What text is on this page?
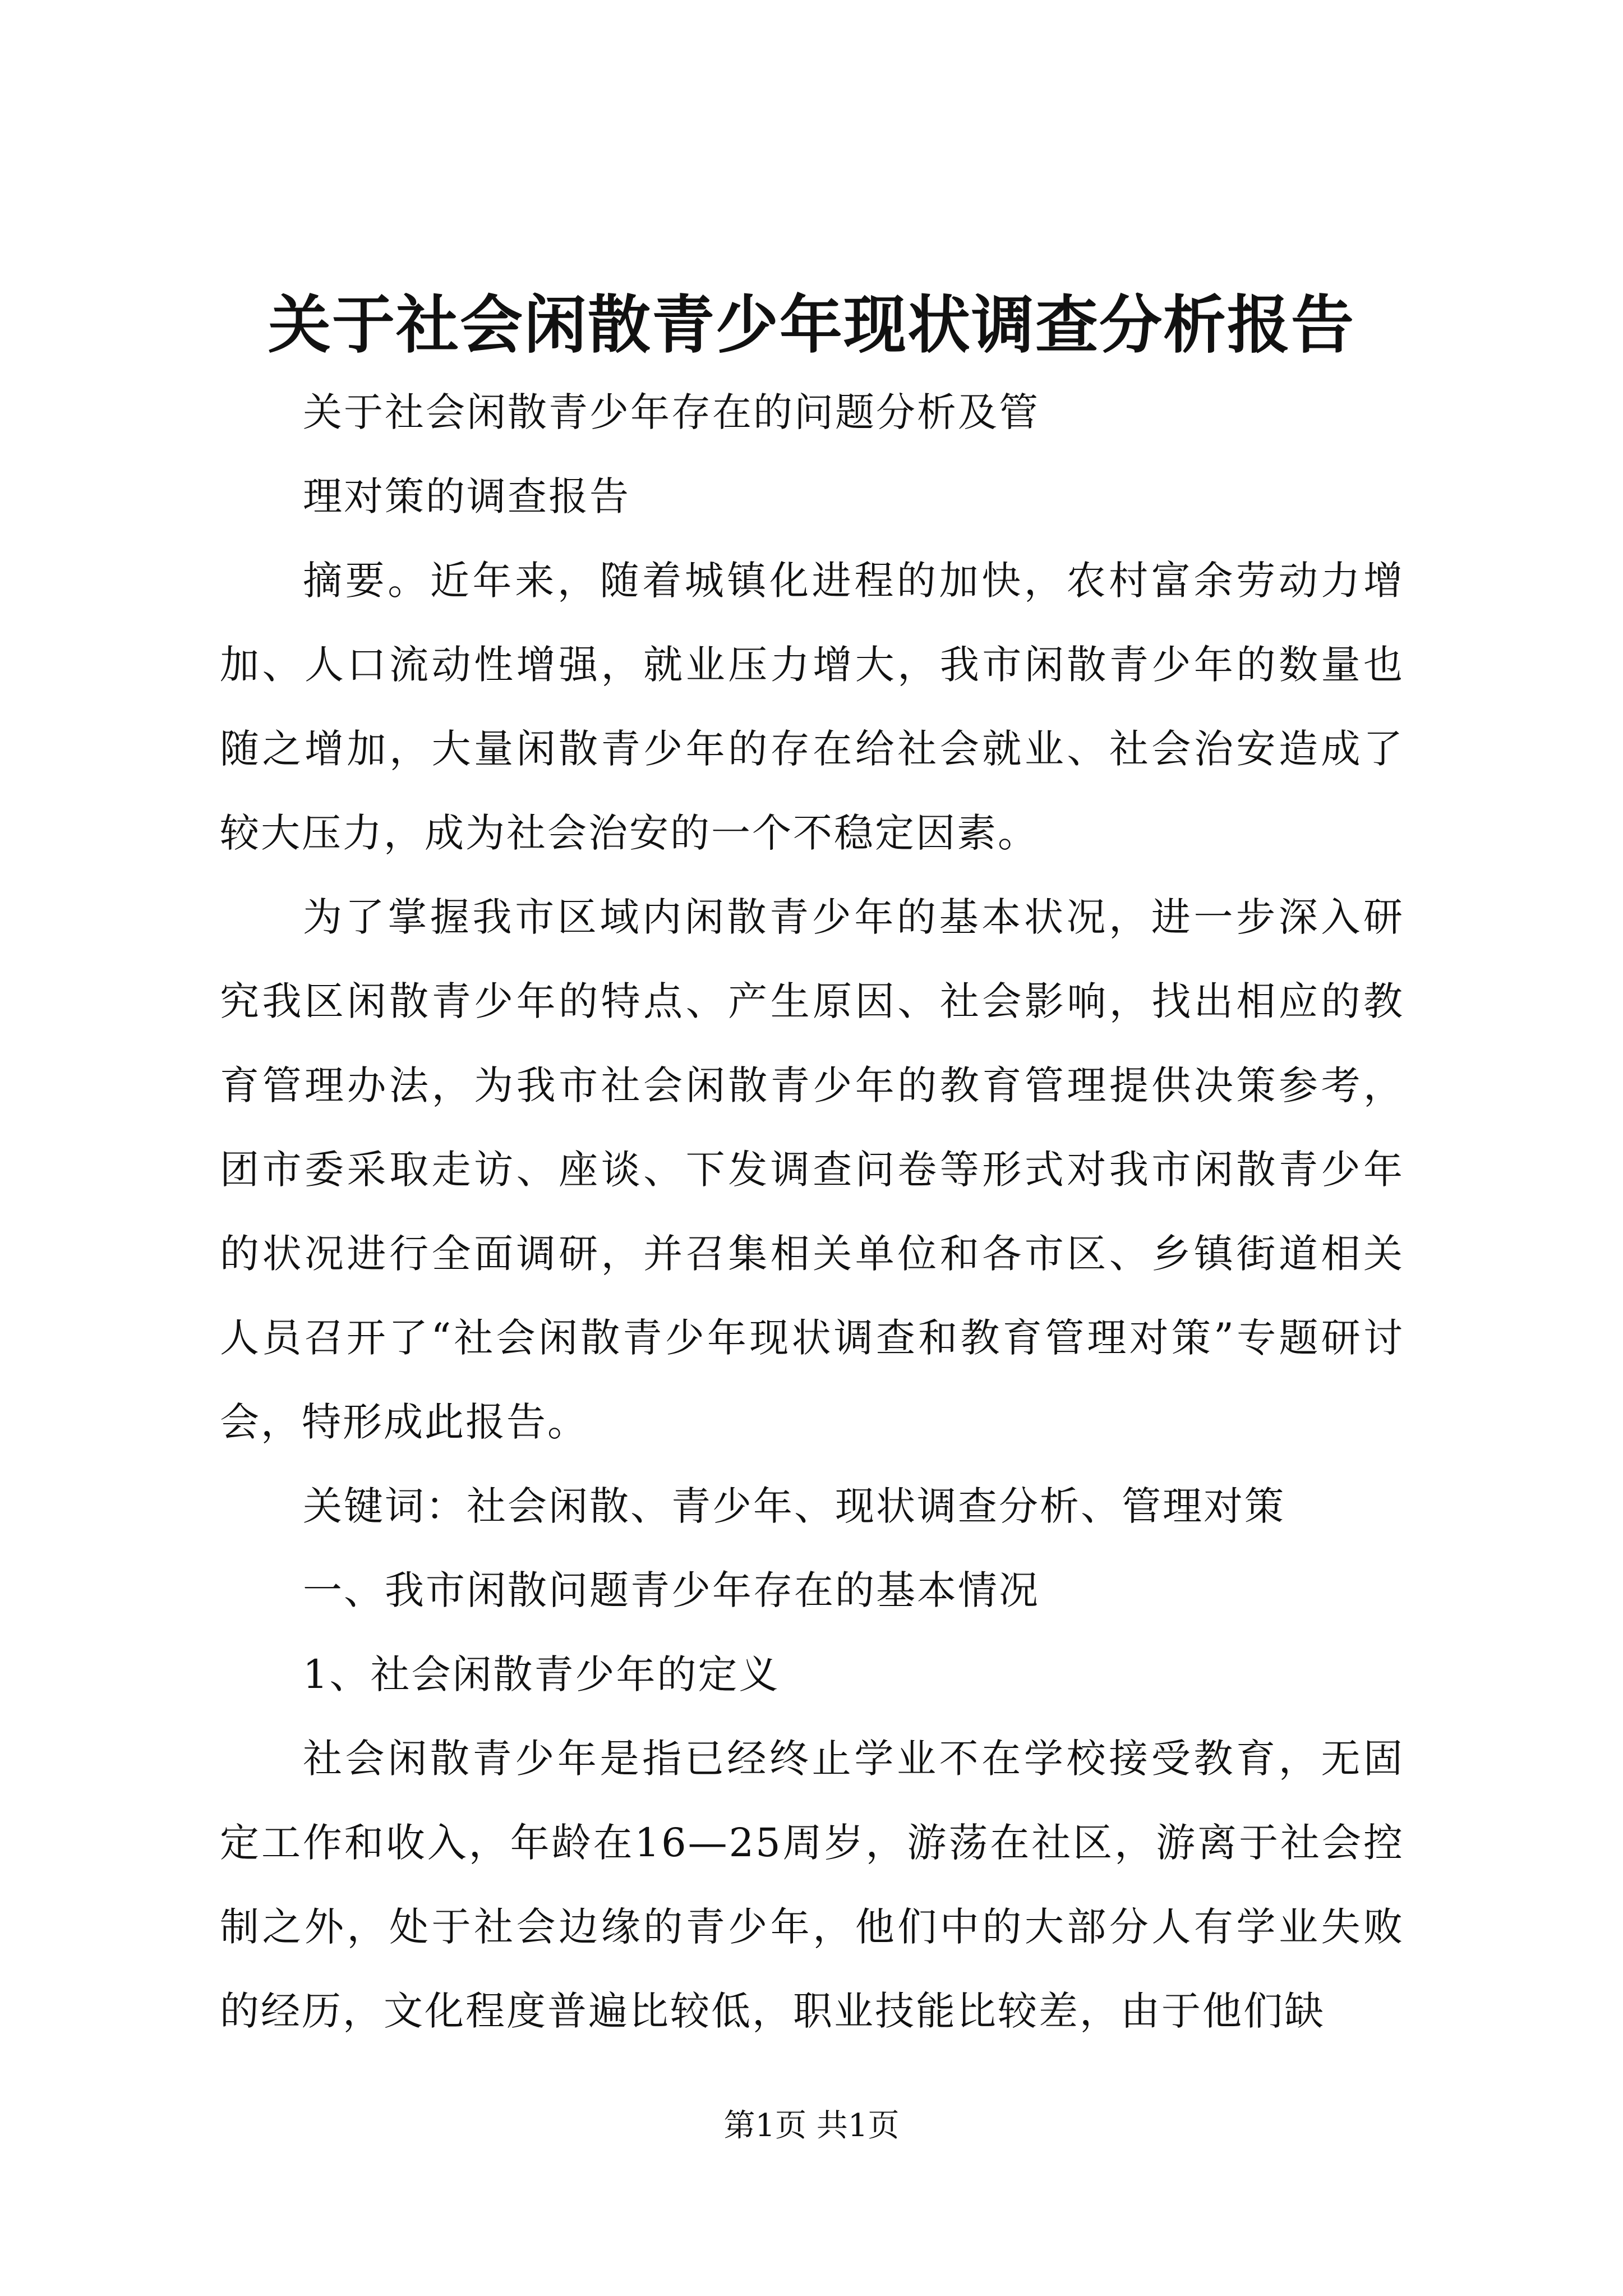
关于社会闲散青少年现状调查分析报告

关于社会闲散青少年存在的问题分析及管

理对策的调查报告

摘要。近年来，随着城镇化进程的加快，农村富余劳动力增加、人口流动性增强，就业压力增大，我市闲散青少年的数量也随之增加，大量闲散青少年的存在给社会就业、社会治安造成了较大压力，成为社会治安的一个不稳定因素。

为了掌握我市区域内闲散青少年的基本状况，进一步深入研究我区闲散青少年的特点、产生原因、社会影响，找出相应的教育管理办法，为我市社会闲散青少年的教育管理提供决策参考，团市委采取走访、座谈、下发调查问卷等形式对我市闲散青少年的状况进行全面调研，并召集相关单位和各市区、乡镇街道相关人员召开了“社会闲散青少年现状调查和教育管理对策”专题研讨会，特形成此报告。

关键词：社会闲散、青少年、现状调查分析、管理对策

一、我市闲散问题青少年存在的基本情况

1、社会闲散青少年的定义

社会闲散青少年是指已经终止学业不在学校接受教育，无固定工作和收入，年龄在16—25周岁，游荡在社区，游离于社会控制之外，处于社会边缘的青少年，他们中的大部分人有学业失败的经历，文化程度普遍比较低，职业技能比较差，由于他们缺

第1页 共1页
